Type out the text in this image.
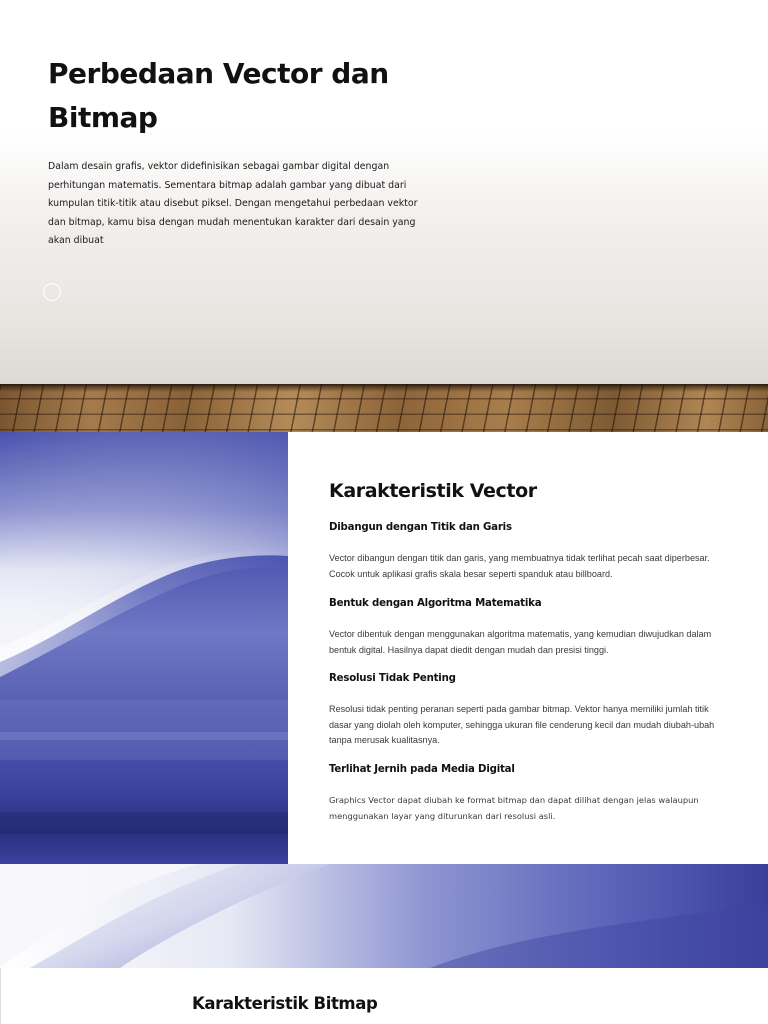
Perbedaan Vector dan Bitmap

Dalam desain grafis, vektor didefinisikan sebagai gambar digital dengan perhitungan matematis. Sementara bitmap adalah gambar yang dibuat dari kumpulan titik-titik atau disebut piksel. Dengan mengetahui perbedaan vektor dan bitmap, kamu bisa dengan mudah menentukan karakter dari desain yang akan dibuat

Karakteristik Vector
Dibangun dengan Titik dan Garis

Vector dibangun dengan titik dan garis, yang membuatnya tidak terlihat pecah saat diperbesar. Cocok untuk aplikasi grafis skala besar seperti spanduk atau billboard.

Bentuk dengan Algoritma Matematika

Vector dibentuk dengan menggunakan algoritma matematis, yang kemudian diwujudkan dalam bentuk digital. Hasilnya dapat diedit dengan mudah dan presisi tinggi.

Resolusi Tidak Penting

Resolusi tidak penting peranan seperti pada gambar bitmap. Vektor hanya memiliki jumlah titik dasar yang diolah oleh komputer, sehingga ukuran file cenderung kecil dan mudah diubah-ubah tanpa merusak kualitasnya.

Terlihat Jernih pada Media Digital

Graphics Vector dapat diubah ke format bitmap dan dapat dilihat dengan jelas walaupun menggunakan layar yang diturunkan dari resolusi asli.

Karakteristik Bitmap
